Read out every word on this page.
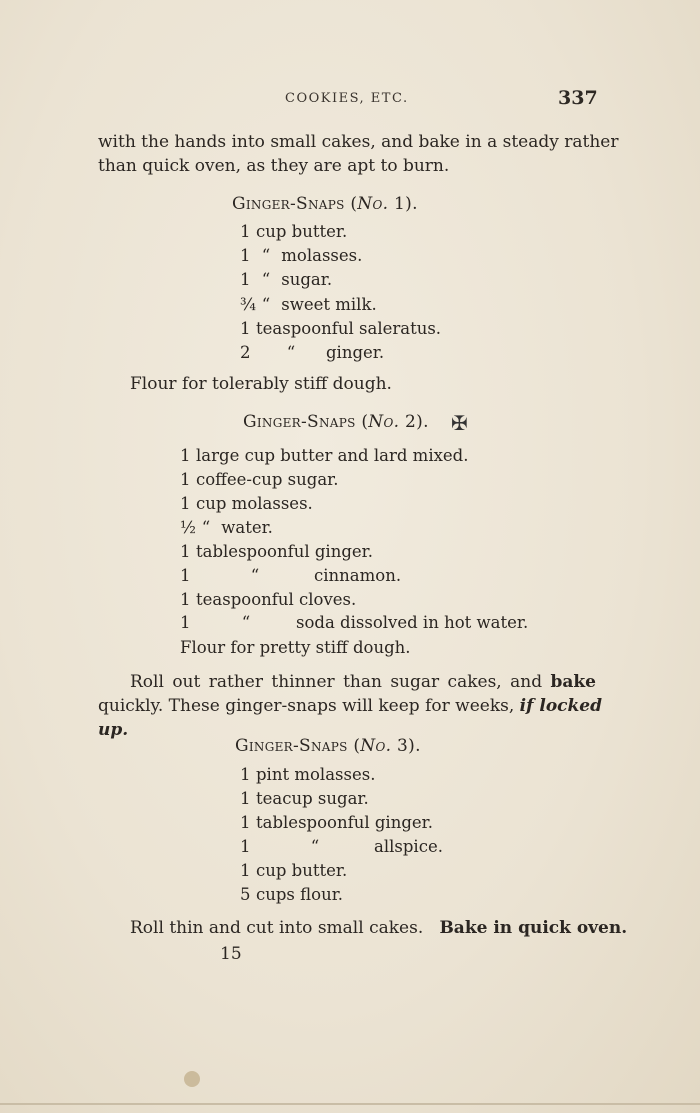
COOKIES, ETC.	337
with the hands into small cakes, and bake in a steady rather
than quick oven, as they are apt to burn.
Ginger-Snaps (No. 1).
1 cup butter.
1 “ molasses.
1 “ sugar.
¾ “ sweet milk.
1 teaspoonful saleratus.
2 “ ginger.
Flour for tolerably stiff dough.
Ginger-Snaps (No. 2). ✠
1 large cup butter and lard mixed.
1 coffee-cup sugar.
1 cup molasses.
½ “ water.
1 tablespoonful ginger.
1	“	cinnamon.
1 teaspoonful cloves.
1	“	soda dissolved in hot water.
Flour for pretty stiff dough.
Roll out rather thinner than sugar cakes, and bake
quickly. These ginger-snaps will keep for weeks, if locked
up.
Ginger-Snaps (No. 3).
1 pint molasses.
1 teacup sugar.
1 tablespoonful ginger.
1	“	allspice.
1 cup butter.
5 cups flour.
Roll thin and cut into small cakes. Bake in quick oven.
15
